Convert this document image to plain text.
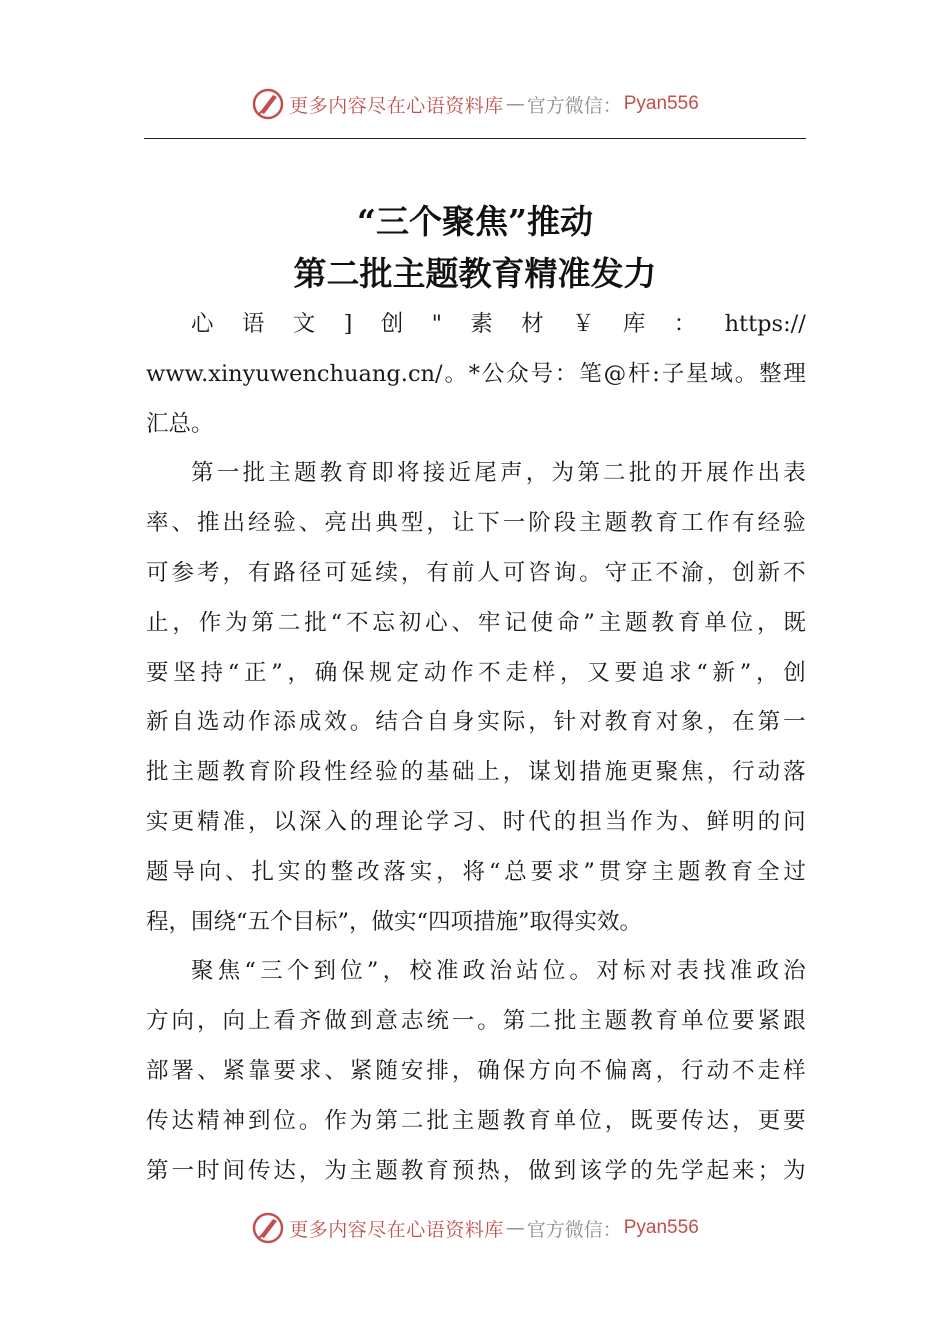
更多内容尽在心语资料库 — 官方微信： Pyan556
“三个聚焦”推动
第二批主题教育精准发力
心 语 文 ] 创 " 素 材 ￥ 库 ： https://
www.xinyuwenchuang.cn/ 。 * 公 众 号 ： 笔 @ 杆 : 子 星 域 。 整 理
汇总。
第 一 批 主 题 教 育 即 将 接 近 尾 声 ， 为 第 二 批 的 开 展 作 出 表
率 、 推 出 经 验 、 亮 出 典 型 ， 让 下 一 阶 段 主 题 教 育 工 作 有 经 验
可 参 考 ， 有 路 径 可 延 续 ， 有 前 人 可 咨 询 。 守 正 不 渝 ， 创 新 不
止 ， 作 为 第 二 批 “ 不 忘 初 心 、 牢 记 使 命 ” 主 题 教 育 单 位 ， 既
要 坚 持 “ 正 ” ， 确 保 规 定 动 作 不 走 样 ， 又 要 追 求 “ 新 ” ， 创
新 自 选 动 作 添 成 效 。 结 合 自 身 实 际 ， 针 对 教 育 对 象 ， 在 第 一
批 主 题 教 育 阶 段 性 经 验 的 基 础 上 ， 谋 划 措 施 更 聚 焦 ， 行 动 落
实 更 精 准 ， 以 深 入 的 理 论 学 习 、 时 代 的 担 当 作 为 、 鲜 明 的 问
题 导 向 、 扎 实 的 整 改 落 实 ， 将 “ 总 要 求 ” 贯 穿 主 题 教 育 全 过
程，围绕“五个目标”，做实“四项措施”取得实效。
聚 焦 “ 三 个 到 位 ” ， 校 准 政 治 站 位 。 对 标 对 表 找 准 政 治
方 向 ， 向 上 看 齐 做 到 意 志 统 一 。 第 二 批 主 题 教 育 单 位 要 紧 跟
部 署 、 紧 靠 要 求 、 紧 随 安 排 ， 确 保 方 向 不 偏 离 ， 行 动 不 走 样
传 达 精 神 到 位 。 作 为 第 二 批 主 题 教 育 单 位 ， 既 要 传 达 ， 更 要
第 一 时 间 传 达 ， 为 主 题 教 育 预 热 ， 做 到 该 学 的 先 学 起 来 ； 为
更多内容尽在心语资料库 — 官方微信： Pyan556
